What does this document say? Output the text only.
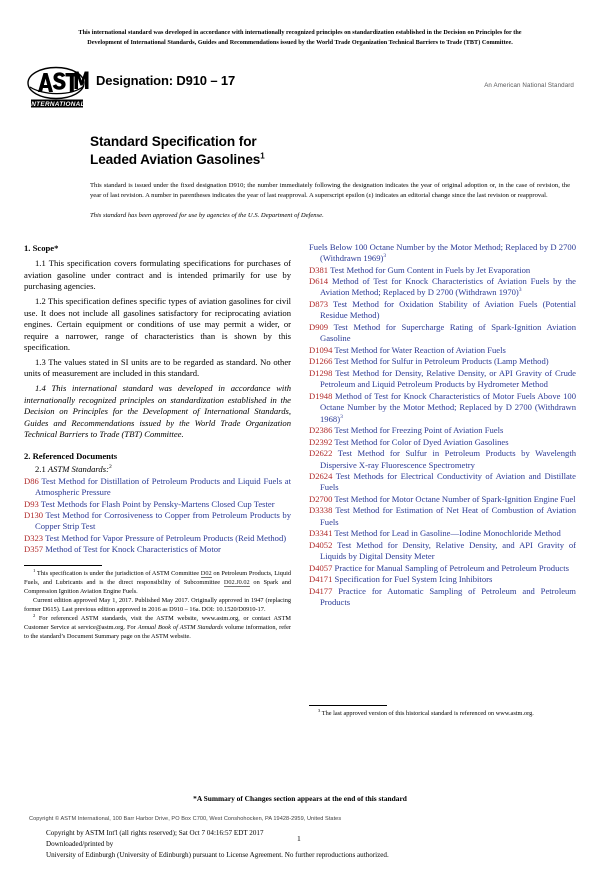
This international standard was developed in accordance with internationally recognized principles on standardization established in the Decision on Principles for the
Development of International Standards, Guides and Recommendations issued by the World Trade Organization Technical Barriers to Trade (TBT) Committee.
INTERNATIONAL
Designation: D910 – 17	An American National Standard
Standard Specification for
Leaded Aviation Gasolines$^1$
This standard is issued under the fixed designation D910; the number immediately following the designation indicates the year of original adoption or, in the case of revision, the year of last revision. A number in parentheses indicates the year of last reapproval. A superscript epsilon (ε) indicates an editorial change since the last revision or reapproval.
This standard has been approved for use by agencies of the U.S. Department of Defense.
1. Scope*

1.1 This specification covers formulating specifications for purchases of aviation gasoline under contract and is intended primarily for use by purchasing agencies.

1.2 This specification defines specific types of aviation gasolines for civil use. It does not include all gasolines satisfactory for reciprocating aviation engines. Certain equipment or conditions of use may permit a wider, or require a narrower, range of characteristics than is shown by this specification.

1.3 The values stated in SI units are to be regarded as standard. No other units of measurement are included in this standard.

1.4 This international standard was developed in accordance with internationally recognized principles on standardization established in the Decision on Principles for the Development of International Standards, Guides and Recommendations issued by the World Trade Organization Technical Barriers to Trade (TBT) Committee.

2. Referenced Documents
2.1 ASTM Standards:$^2$
D86 Test Method for Distillation of Petroleum Products and Liquid Fuels at Atmospheric Pressure
D93 Test Methods for Flash Point by Pensky-Martens Closed Cup Tester
D130 Test Method for Corrosiveness to Copper from Petroleum Products by Copper Strip Test
D323 Test Method for Vapor Pressure of Petroleum Products (Reid Method)
D357 Method of Test for Knock Characteristics of Motor

$^1$ This specification is under the jurisdiction of ASTM Committee D02 on Petroleum Products, Liquid Fuels, and Lubricants and is the direct responsibility of Subcommittee D02.J0.02 on Spark and Compression Ignition Aviation Engine Fuels.

Current edition approved May 1, 2017. Published May 2017. Originally approved in 1947 (replacing former D615). Last previous edition approved in 2016 as D910 – 16a. DOI: 10.1520/D0910-17.

$^2$ For referenced ASTM standards, visit the ASTM website, www.astm.org, or contact ASTM Customer Service at service@astm.org. For Annual Book of ASTM Standards volume information, refer to the standard’s Document Summary page on the ASTM website.

Fuels Below 100 Octane Number by the Motor Method; Replaced by D 2700 (Withdrawn 1969)$^3$
D381 Test Method for Gum Content in Fuels by Jet Evaporation
D614 Method of Test for Knock Characteristics of Aviation Fuels by the Aviation Method; Replaced by D 2700 (Withdrawn 1970)$^3$
D873 Test Method for Oxidation Stability of Aviation Fuels (Potential Residue Method)
D909 Test Method for Supercharge Rating of Spark-Ignition Aviation Gasoline
D1094 Test Method for Water Reaction of Aviation Fuels
D1266 Test Method for Sulfur in Petroleum Products (Lamp Method)
D1298 Test Method for Density, Relative Density, or API Gravity of Crude Petroleum and Liquid Petroleum Products by Hydrometer Method
D1948 Method of Test for Knock Characteristics of Motor Fuels Above 100 Octane Number by the Motor Method; Replaced by D 2700 (Withdrawn 1968)$^3$
D2386 Test Method for Freezing Point of Aviation Fuels
D2392 Test Method for Color of Dyed Aviation Gasolines
D2622 Test Method for Sulfur in Petroleum Products by Wavelength Dispersive X-ray Fluorescence Spectrometry
D2624 Test Methods for Electrical Conductivity of Aviation and Distillate Fuels
D2700 Test Method for Motor Octane Number of Spark-Ignition Engine Fuel
D3338 Test Method for Estimation of Net Heat of Combustion of Aviation Fuels
D3341 Test Method for Lead in Gasoline—Iodine Monochloride Method
D4052 Test Method for Density, Relative Density, and API Gravity of Liquids by Digital Density Meter
D4057 Practice for Manual Sampling of Petroleum and Petroleum Products
D4171 Specification for Fuel System Icing Inhibitors
D4177 Practice for Automatic Sampling of Petroleum and Petroleum Products

$^3$ The last approved version of this historical standard is referenced on www.astm.org.

*A Summary of Changes section appears at the end of this standard
Copyright © ASTM International, 100 Barr Harbor Drive, PO Box C700, West Conshohocken, PA 19428-2959, United States
Copyright by ASTM Int'l (all rights reserved); Sat Oct 7 04:16:57 EDT 2017
Downloaded/printed by
University of Edinburgh (University of Edinburgh) pursuant to License Agreement. No further reproductions authorized.
1
